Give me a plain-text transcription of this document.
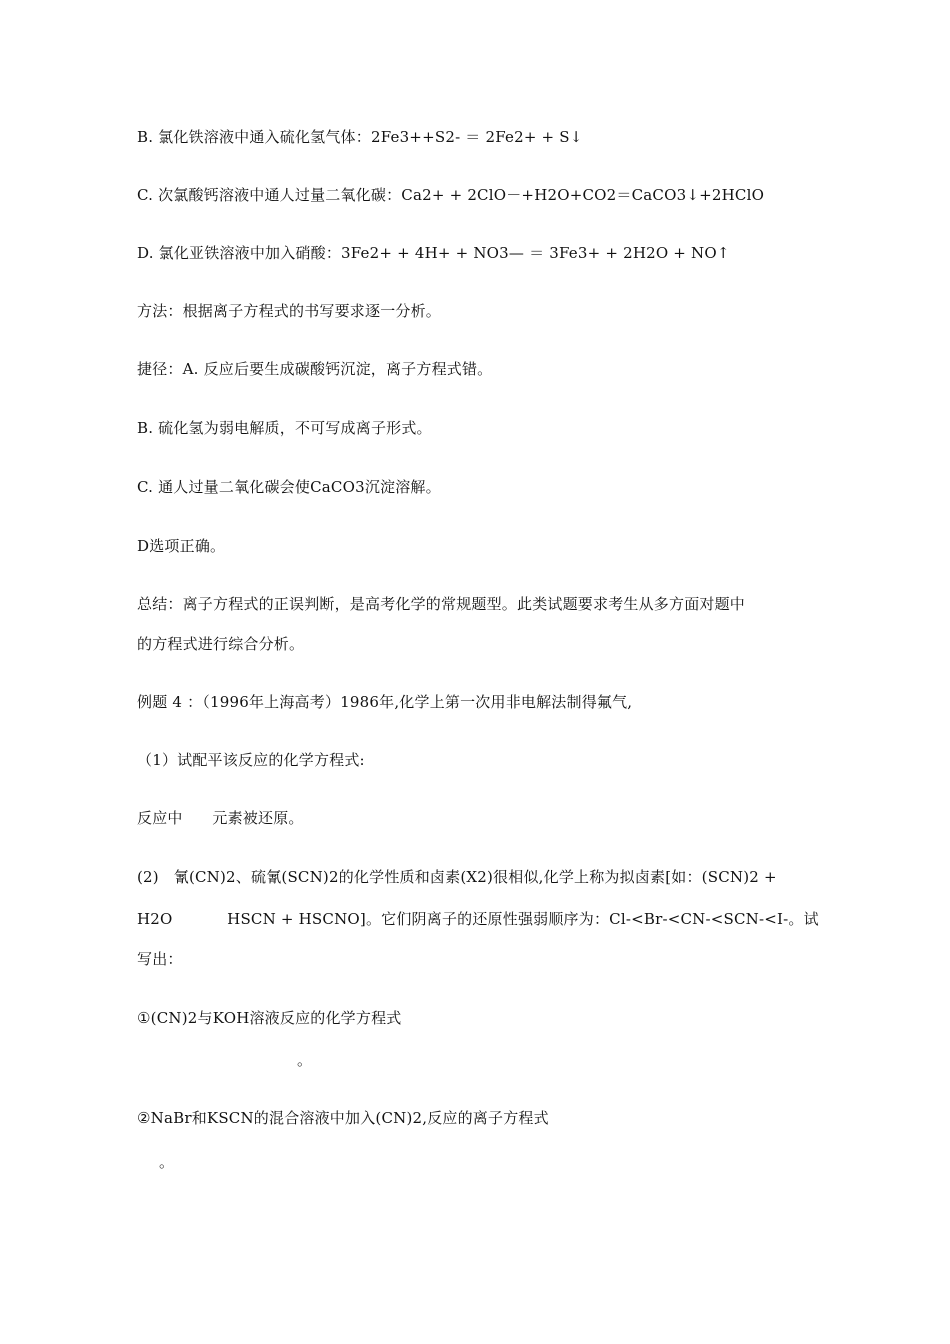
B. 氯化铁溶液中通入硫化氢气体：2Fe3++S2- ＝ 2Fe2+ + S↓
C. 次氯酸钙溶液中通人过量二氧化碳：Ca2+ + 2ClO－+H2O+CO2＝CaCO3↓+2HClO
D. 氯化亚铁溶液中加入硝酸：3Fe2+ + 4H+ + NO3— ＝ 3Fe3+ + 2H2O + NO↑
方法：根据离子方程式的书写要求逐一分析。
捷径：A. 反应后要生成碳酸钙沉淀，离子方程式错。
B. 硫化氢为弱电解质，不可写成离子形式。
C. 通人过量二氧化碳会使CaCO3沉淀溶解。
D选项正确。
总结：离子方程式的正误判断，是高考化学的常规题型。此类试题要求考生从多方面对题中
的方程式进行综合分析。
例题 4 ：（1996年上海高考）1986年,化学上第一次用非电解法制得氟气,
（1）试配平该反应的化学方程式:
反应中      元素被还原。
(2)   氰(CN)2、硫氰(SCN)2的化学性质和卤素(X2)很相似,化学上称为拟卤素[如：(SCN)2 +
H2O           HSCN + HSCNO]。它们阴离子的还原性强弱顺序为：Cl-<Br-<CN-<SCN-<I-。试
写出：
①(CN)2与KOH溶液反应的化学方程式
。
②NaBr和KSCN的混合溶液中加入(CN)2,反应的离子方程式
。
